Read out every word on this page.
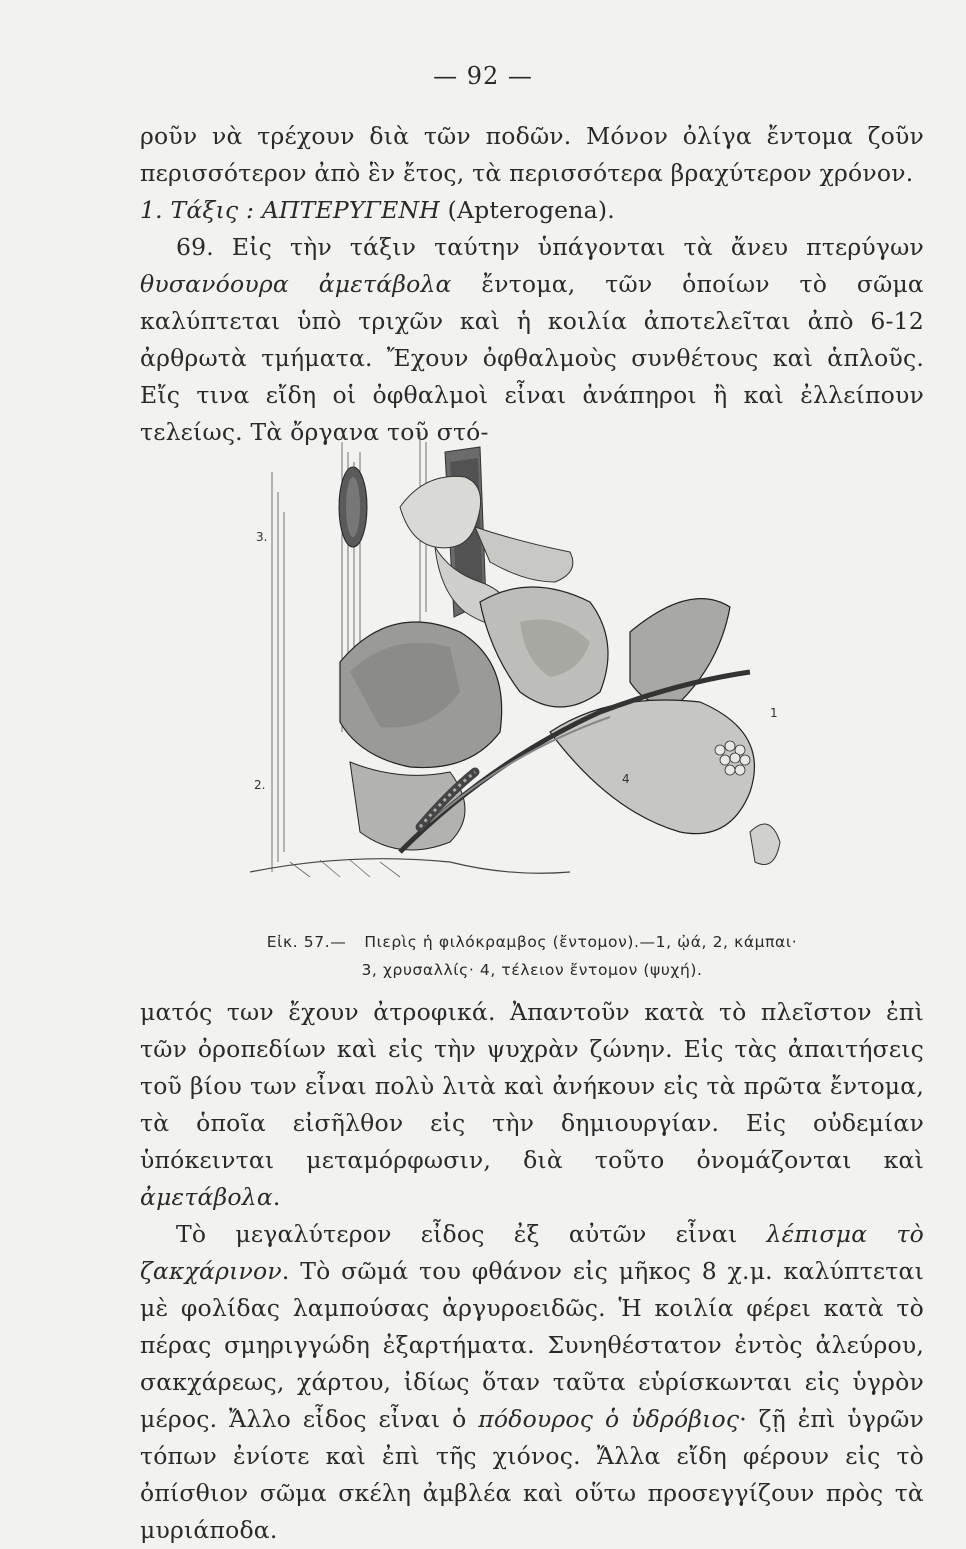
— 92 —

ροῦν νὰ τρέχουν διὰ τῶν ποδῶν. Μόνον ὀλίγα ἔντομα ζοῦν περισσότερον ἀπὸ ἓν ἔτος, τὰ περισσότερα βραχύτερον χρόνον.

1. Τάξις : ΑΠΤΕΡΥΓΕΝΗ (Apterogena).

69. Εἰς τὴν τάξιν ταύτην ὑπάγονται τὰ ἄνευ πτερύγων θυσανόουρα ἀμετάβολα ἔντομα, τῶν ὁποίων τὸ σῶμα καλύπτεται ὑπὸ τριχῶν καὶ ἡ κοιλία ἀποτελεῖται ἀπὸ 6-12 ἀρθρωτὰ τμήματα. Ἔχουν ὀφθαλμοὺς συνθέτους καὶ ἁπλοῦς. Εἴς τινα εἴδη οἱ ὀφθαλμοὶ εἶναι ἀνάπηροι ἢ καὶ ἐλλείπουν τελείως. Τὰ ὄργανα τοῦ στό-

3.
2.
1
4
Εἰκ. 57.— Πιερὶς ἡ φιλόκραμβος (ἔντομον).—1, ᾠά, 2, κάμπαι·
3, χρυσαλλίς· 4, τέλειον ἔντομον (ψυχή).

ματός των ἔχουν ἀτροφικά. Ἀπαντοῦν κατὰ τὸ πλεῖστον ἐπὶ τῶν ὀροπεδίων καὶ εἰς τὴν ψυχρὰν ζώνην. Εἰς τὰς ἀπαιτήσεις τοῦ βίου των εἶναι πολὺ λιτὰ καὶ ἀνήκουν εἰς τὰ πρῶτα ἔντομα, τὰ ὁποῖα εἰσῆλθον εἰς τὴν δημιουργίαν. Εἰς οὐδεμίαν ὑπόκεινται μεταμόρφωσιν, διὰ τοῦτο ὀνομάζονται καὶ ἀμετάβολα.

Τὸ μεγαλύτερον εἶδος ἐξ αὐτῶν εἶναι λέπισμα τὸ ζακχάρινον. Τὸ σῶμά του φθάνον εἰς μῆκος 8 χ.μ. καλύπτεται μὲ φολίδας λαμπούσας ἀργυροειδῶς. Ἡ κοιλία φέρει κατὰ τὸ πέρας σμηριγγώδη ἐξαρτήματα. Συνηθέστατον ἐντὸς ἀλεύρου, σακχάρεως, χάρτου, ἰδίως ὅταν ταῦτα εὑρίσκωνται εἰς ὑγρὸν μέρος. Ἄλλο εἶδος εἶναι ὁ πόδουρος ὁ ὑδρόβιος· ζῇ ἐπὶ ὑγρῶν τόπων ἐνίοτε καὶ ἐπὶ τῆς χιόνος. Ἄλλα εἴδη φέρουν εἰς τὸ ὀπίσθιον σῶμα σκέλη ἀμβλέα καὶ οὕτω προσεγγίζουν πρὸς τὰ μυριάποδα.
